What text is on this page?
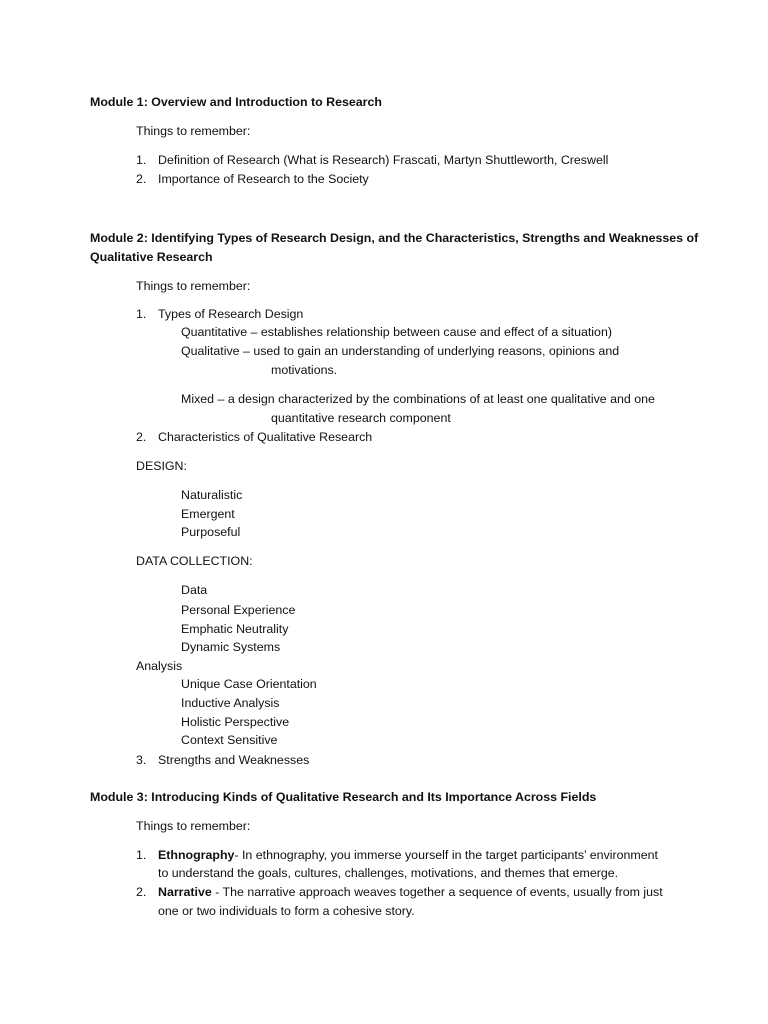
Module 1: Overview and Introduction to Research
Things to remember:
1. Definition of Research (What is Research) Frascati, Martyn Shuttleworth, Creswell
2. Importance of Research to the Society
Module 2: Identifying Types of Research Design, and the Characteristics, Strengths and Weaknesses of
Qualitative Research
Things to remember:
1. Types of Research Design
Quantitative – establishes relationship between cause and effect of a situation)
Qualitative – used to gain an understanding of underlying reasons, opinions and
motivations.
Mixed – a design characterized by the combinations of at least one qualitative and one
quantitative research component
2. Characteristics of Qualitative Research
DESIGN:
Naturalistic
Emergent
Purposeful
DATA COLLECTION:
Data
Personal Experience
Emphatic Neutrality
Dynamic Systems
Analysis
Unique Case Orientation
Inductive Analysis
Holistic Perspective
Context Sensitive
3. Strengths and Weaknesses
Module 3: Introducing Kinds of Qualitative Research and Its Importance Across Fields
Things to remember:
1. Ethnography- In ethnography, you immerse yourself in the target participants’ environment
to understand the goals, cultures, challenges, motivations, and themes that emerge.
2. Narrative - The narrative approach weaves together a sequence of events, usually from just
one or two individuals to form a cohesive story.
